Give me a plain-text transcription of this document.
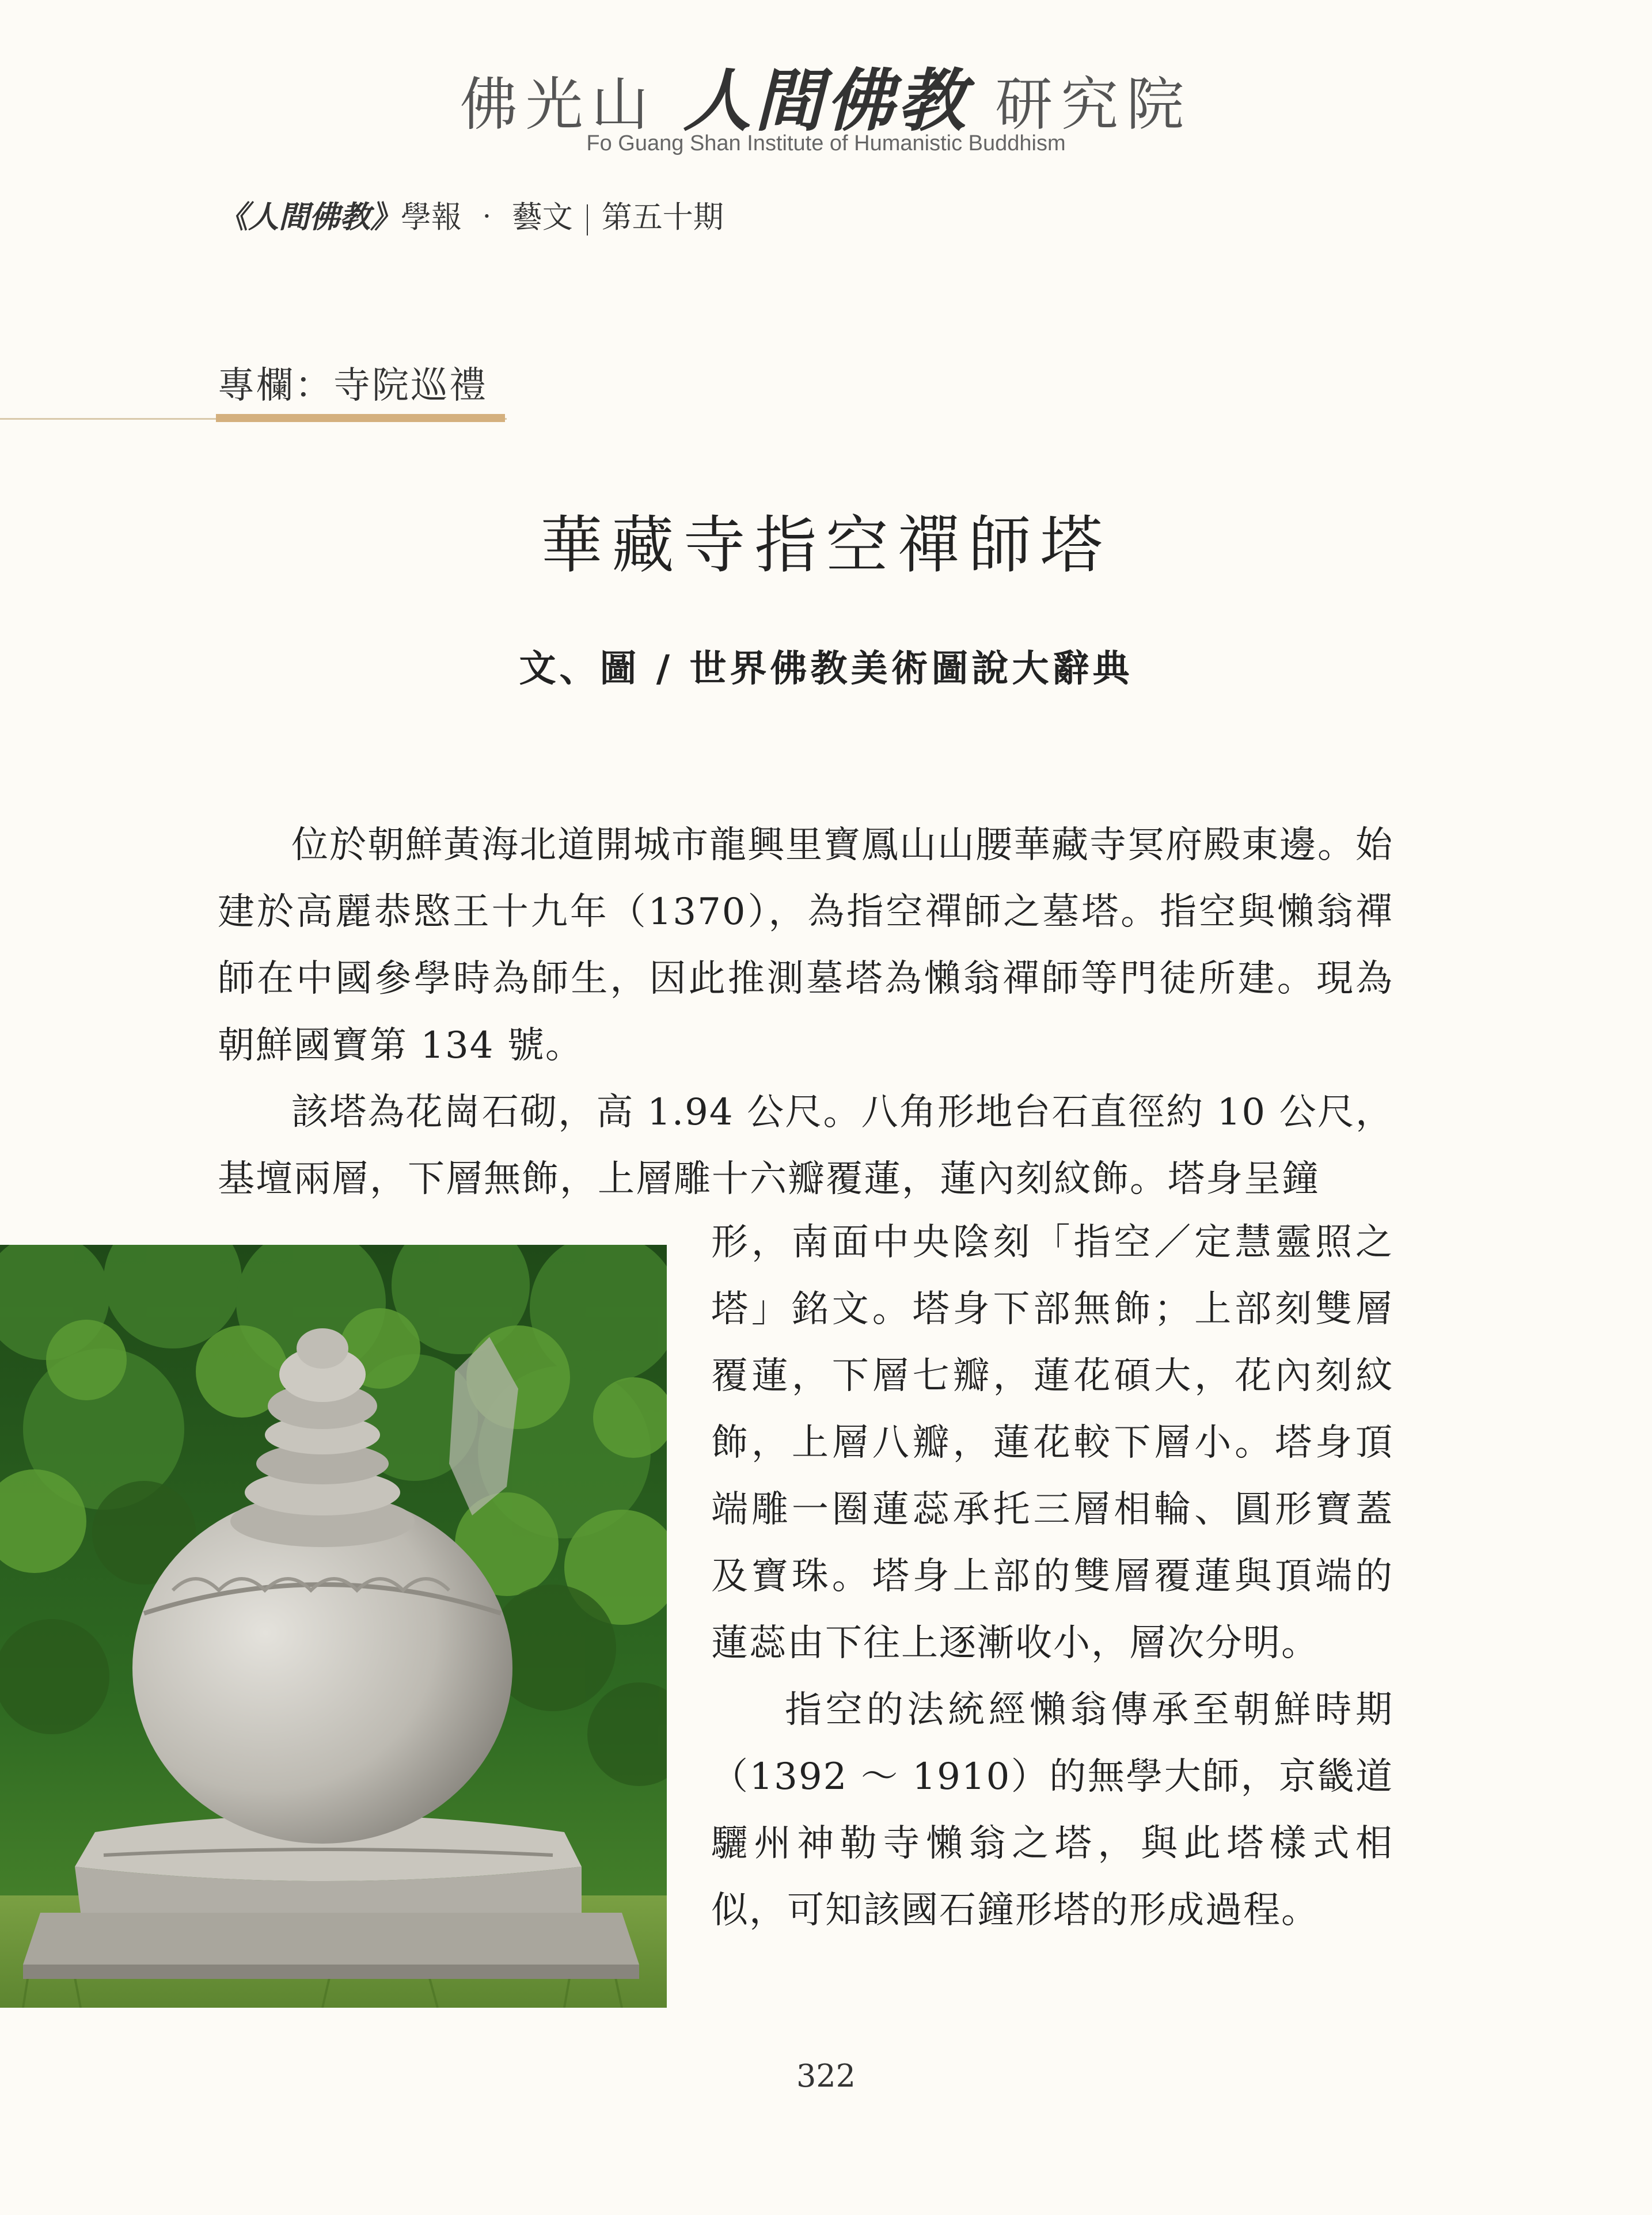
佛光山 人間佛教 研究院
Fo Guang Shan Institute of Humanistic Buddhism
《人間佛教》學報 ‧ 藝文 第五十期
專欄：寺院巡禮
華藏寺指空禪師塔
文、圖 / 世界佛教美術圖說大辭典

位於朝鮮黃海北道開城市龍興里寶鳳山山腰華藏寺冥府殿東邊。始建於高麗恭愍王十九年（1370），為指空禪師之墓塔。指空與懶翁禪師在中國參學時為師生，因此推測墓塔為懶翁禪師等門徒所建。現為朝鮮國寶第 134 號。

該塔為花崗石砌，高 1.94 公尺。八角形地台石直徑約 10 公尺，基壇兩層，下層無飾，上層雕十六瓣覆蓮，蓮內刻紋飾。塔身呈鐘

形，南面中央陰刻「指空／定慧靈照之塔」銘文。塔身下部無飾；上部刻雙層覆蓮，下層七瓣，蓮花碩大，花內刻紋飾，上層八瓣，蓮花較下層小。塔身頂端雕一圈蓮蕊承托三層相輪、圓形寶蓋及寶珠。塔身上部的雙層覆蓮與頂端的蓮蕊由下往上逐漸收小，層次分明。

指空的法統經懶翁傳承至朝鮮時期（1392 ～ 1910）的無學大師，京畿道驪州神勒寺懶翁之塔，與此塔樣式相似，可知該國石鐘形塔的形成過程。

322
